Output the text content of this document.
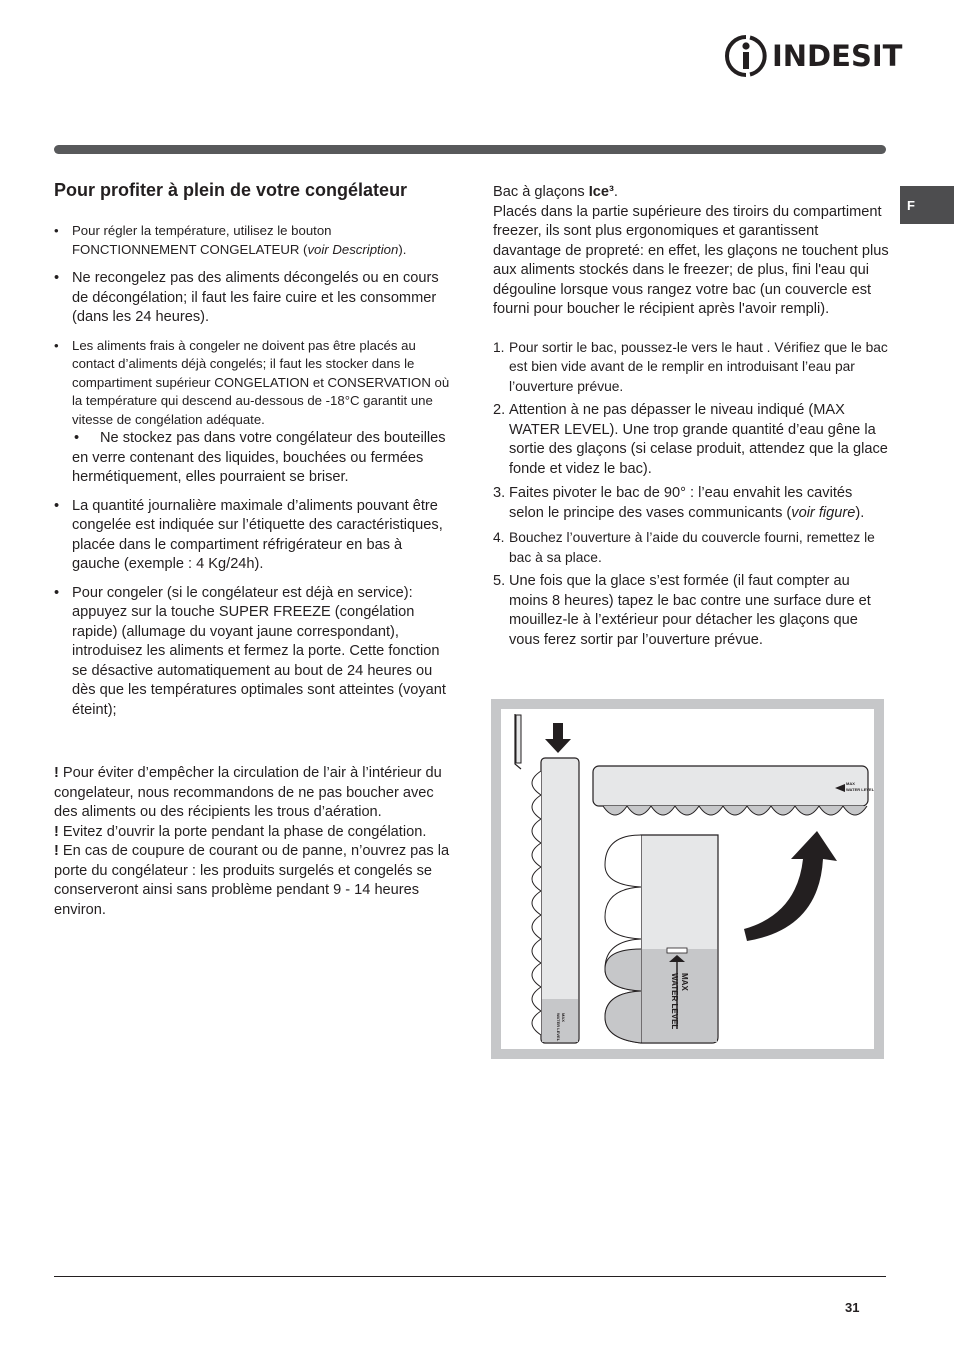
INDESIT
F
Pour profiter à plein de votre congélateur
• Pour régler la température, utilisez le bouton FONCTIONNEMENT CONGELATEUR (voir Description).
• Ne recongelez pas des aliments décongelés ou en cours de décongélation; il faut les faire cuire et les consommer (dans les 24 heures).
• Les aliments frais à congeler ne doivent pas être placés au contact d’aliments déjà congelés; il faut les stocker dans le compartiment supérieur CONGELATION et CONSERVATION où la température qui descend au-dessous de -18°C garantit une vitesse de congélation adéquate.
• Ne stockez pas dans votre congélateur des bouteilles en verre contenant des liquides, bouchées ou fermées hermétiquement, elles pourraient se briser.
• La quantité journalière maximale d’aliments pouvant être congelée est indiquée sur l’étiquette des caractéristiques, placée dans le compartiment réfrigérateur en bas à gauche (exemple : 4 Kg/24h).
• Pour congeler (si le congélateur est déjà en service): appuyez sur la touche SUPER FREEZE (congélation rapide) (allumage du voyant jaune correspondant), introduisez les aliments et fermez la porte. Cette fonction se désactive automatiquement au bout de 24 heures ou dès que les températures optimales sont atteintes (voyant éteint);

! Pour éviter d’empêcher la circulation de l’air à l’intérieur du congelateur, nous recommandons de ne pas boucher avec des aliments ou des récipients les trous d’aération.

! Evitez d’ouvrir la porte pendant la phase de congélation.

! En cas de coupure de courant ou de panne, n’ouvrez pas la porte du congélateur : les produits surgelés et congelés se conserveront ainsi sans problème pendant 9 - 14 heures environ.

Bac à glaçons Ice³.
Placés dans la partie supérieure des tiroirs du compartiment freezer, ils sont plus ergonomiques et garantissent davantage de propreté: en effet, les glaçons ne touchent plus aux aliments stockés dans le freezer; de plus, fini l'eau qui dégouline lorsque vous rangez votre bac (un couvercle est fourni pour boucher le récipient après l'avoir rempli).

1. Pour sortir le bac, poussez-le vers le haut . Vérifiez que le bac est bien vide avant de le remplir en introduisant l’eau par l’ouverture prévue.
2. Attention à ne pas dépasser le niveau indiqué (MAX WATER LEVEL). Une trop grande quantité d’eau gêne la sortie des glaçons (si celase produit, attendez que la glace fonde et videz le bac).
3. Faites pivoter le bac de 90° : l’eau envahit les cavités selon le principe des vases communicants (voir figure).
4. Bouchez l’ouverture à l’aide du couvercle fourni, remettez le bac à sa place.
5. Une fois que la glace s’est formée (il faut compter au moins 8 heures) tapez le bac contre une surface dure et mouillez-le à l’extérieur pour détacher les glaçons que vous ferez sortir par l’ouverture prévue.
MAX
WATER LEVEL
MAX
WATER LEVEL
MAX
WATER LEVEL
31
